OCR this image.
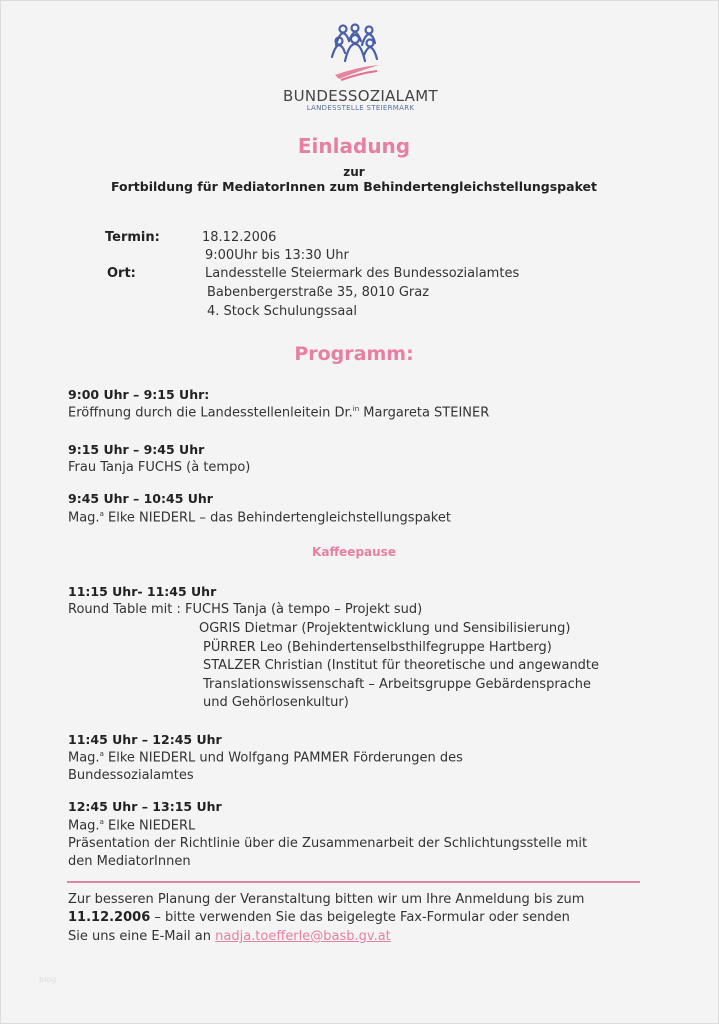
BUNDESSOZIALAMT
LANDESSTELLE STEIERMARK
Einladung
zur
Fortbildung für MediatorInnen zum Behindertengleichstellungspaket
Termin:	18.12.2006
9:00Uhr bis 13:30 Uhr
Ort:	Landesstelle Steiermark des Bundessozialamtes
Babenbergerstraße 35, 8010 Graz
4. Stock Schulungssaal
Programm:
9:00 Uhr – 9:15 Uhr:
Eröffnung durch die Landesstellenleitein Dr.$^{in}$ Margareta STEINER
9:15 Uhr – 9:45 Uhr
Frau Tanja FUCHS (à tempo)
9:45 Uhr – 10:45 Uhr
Mag.$^a$ Elke NIEDERL – das Behindertengleichstellungspaket
Kaffeepause
11:15 Uhr- 11:45 Uhr
Round Table mit : FUCHS Tanja (à tempo – Projekt sud)
OGRIS Dietmar (Projektentwicklung und Sensibilisierung)
PÜRRER Leo (Behindertenselbsthilfegruppe Hartberg)
STALZER Christian (Institut für theoretische und angewandte
Translationswissenschaft – Arbeitsgruppe Gebärdensprache
und Gehörlosenkultur)
11:45 Uhr – 12:45 Uhr
Mag.$^a$ Elke NIEDERL und Wolfgang PAMMER Förderungen des
Bundessozialamtes
12:45 Uhr – 13:15 Uhr
Mag.$^a$ Elke NIEDERL
Präsentation der Richtlinie über die Zusammenarbeit der Schlichtungsstelle mit
den MediatorInnen
Zur besseren Planung der Veranstaltung bitten wir um Ihre Anmeldung bis zum
11.12.2006 – bitte verwenden Sie das beigelegte Fax-Formular oder senden
Sie uns eine E-Mail an nadja.toefferle@basb.gv.at
blog
